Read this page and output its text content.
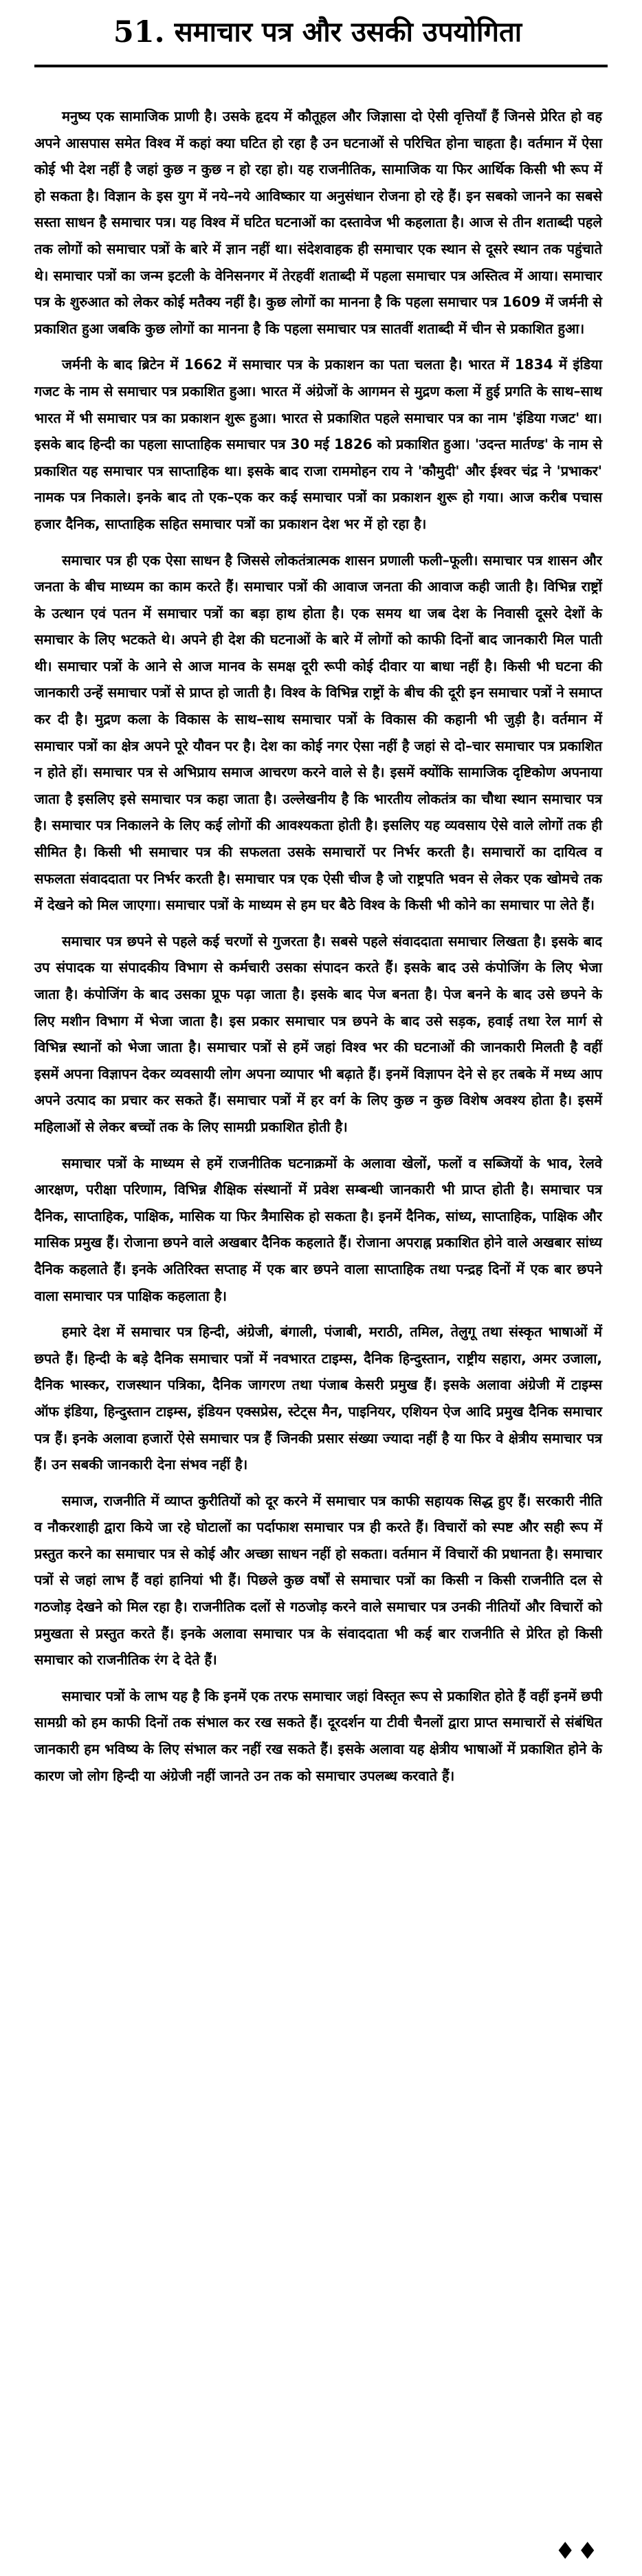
51. समाचार पत्र और उसकी उपयोगिता

मनुष्य एक सामाजिक प्राणी है। उसके हृदय में कौतूहल और जिज्ञासा दो ऐसी वृत्तियाँ हैं जिनसे प्रेरित हो वह अपने आसपास समेत विश्व में कहां क्या घटित हो रहा है उन घटनाओं से परिचित होना चाहता है। वर्तमान में ऐसा कोई भी देश नहीं है जहां कुछ न कुछ न हो रहा हो। यह राजनीतिक, सामाजिक या फिर आर्थिक किसी भी रूप में हो सकता है। विज्ञान के इस युग में नये–नये आविष्कार या अनुसंधान रोजना हो रहे हैं। इन सबको जानने का सबसे सस्ता साधन है समाचार पत्र। यह विश्व में घटित घटनाओं का दस्तावेज भी कहलाता है। आज से तीन शताब्दी पहले तक लोगों को समाचार पत्रों के बारे में ज्ञान नहीं था। संदेशवाहक ही समाचार एक स्थान से दूसरे स्थान तक पहुंचाते थे। समाचार पत्रों का जन्म इटली के वेनिसनगर में तेरहवीं शताब्दी में पहला समाचार पत्र अस्तित्व में आया। समाचार पत्र के शुरुआत को लेकर कोई मतैक्य नहीं है। कुछ लोगों का मानना है कि पहला समाचार पत्र 1609 में जर्मनी से प्रकाशित हुआ जबकि कुछ लोगों का मानना है कि पहला समाचार पत्र सातवीं शताब्दी में चीन से प्रकाशित हुआ।

जर्मनी के बाद ब्रिटेन में 1662 में समाचार पत्र के प्रकाशन का पता चलता है। भारत में 1834 में इंडिया गजट के नाम से समाचार पत्र प्रकाशित हुआ। भारत में अंग्रेजों के आगमन से मुद्रण कला में हुई प्रगति के साथ–साथ भारत में भी समाचार पत्र का प्रकाशन शुरू हुआ। भारत से प्रकाशित पहले समाचार पत्र का नाम 'इंडिया गजट' था। इसके बाद हिन्दी का पहला साप्ताहिक समाचार पत्र 30 मई 1826 को प्रकाशित हुआ। 'उदन्त मार्तण्ड' के नाम से प्रकाशित यह समाचार पत्र साप्ताहिक था। इसके बाद राजा राममोहन राय ने 'कौमुदी' और ईश्वर चंद्र ने 'प्रभाकर' नामक पत्र निकाले। इनके बाद तो एक–एक कर कई समाचार पत्रों का प्रकाशन शुरू हो गया। आज करीब पचास हजार दैनिक, साप्ताहिक सहित समाचार पत्रों का प्रकाशन देश भर में हो रहा है।

समाचार पत्र ही एक ऐसा साधन है जिससे लोकतंत्रात्मक शासन प्रणाली फली–फूली। समाचार पत्र शासन और जनता के बीच माध्यम का काम करते हैं। समाचार पत्रों की आवाज जनता की आवाज कही जाती है। विभिन्न राष्ट्रों के उत्थान एवं पतन में समाचार पत्रों का बड़ा हाथ होता है। एक समय था जब देश के निवासी दूसरे देशों के समाचार के लिए भटकते थे। अपने ही देश की घटनाओं के बारे में लोगों को काफी दिनों बाद जानकारी मिल पाती थी। समाचार पत्रों के आने से आज मानव के समक्ष दूरी रूपी कोई दीवार या बाधा नहीं है। किसी भी घटना की जानकारी उन्हें समाचार पत्रों से प्राप्त हो जाती है। विश्व के विभिन्न राष्ट्रों के बीच की दूरी इन समाचार पत्रों ने समाप्त कर दी है। मुद्रण कला के विकास के साथ–साथ समाचार पत्रों के विकास की कहानी भी जुड़ी है। वर्तमान में समाचार पत्रों का क्षेत्र अपने पूरे यौवन पर है। देश का कोई नगर ऐसा नहीं है जहां से दो–चार समाचार पत्र प्रकाशित न होते हों। समाचार पत्र से अभिप्राय समाज आचरण करने वाले से है। इसमें क्योंकि सामाजिक दृष्टिकोण अपनाया जाता है इसलिए इसे समाचार पत्र कहा जाता है। उल्लेखनीय है कि भारतीय लोकतंत्र का चौथा स्थान समाचार पत्र है। समाचार पत्र निकालने के लिए कई लोगों की आवश्यकता होती है। इसलिए यह व्यवसाय ऐसे वाले लोगों तक ही सीमित है। किसी भी समाचार पत्र की सफलता उसके समाचारों पर निर्भर करती है। समाचारों का दायित्व व सफलता संवाददाता पर निर्भर करती है। समाचार पत्र एक ऐसी चीज है जो राष्ट्रपति भवन से लेकर एक खोमचे तक में देखने को मिल जाएगा। समाचार पत्रों के माध्यम से हम घर बैठे विश्व के किसी भी कोने का समाचार पा लेते हैं।

समाचार पत्र छपने से पहले कई चरणों से गुजरता है। सबसे पहले संवाददाता समाचार लिखता है। इसके बाद उप संपादक या संपादकीय विभाग से कर्मचारी उसका संपादन करते हैं। इसके बाद उसे कंपोजिंग के लिए भेजा जाता है। कंपोजिंग के बाद उसका प्रूफ पढ़ा जाता है। इसके बाद पेज बनता है। पेज बनने के बाद उसे छपने के लिए मशीन विभाग में भेजा जाता है। इस प्रकार समाचार पत्र छपने के बाद उसे सड़क, हवाई तथा रेल मार्ग से विभिन्न स्थानों को भेजा जाता है। समाचार पत्रों से हमें जहां विश्व भर की घटनाओं की जानकारी मिलती है वहीं इसमें अपना विज्ञापन देकर व्यवसायी लोग अपना व्यापार भी बढ़ाते हैं। इनमें विज्ञापन देने से हर तबके में मध्य आप अपने उत्पाद का प्रचार कर सकते हैं। समाचार पत्रों में हर वर्ग के लिए कुछ न कुछ विशेष अवश्य होता है। इसमें महिलाओं से लेकर बच्चों तक के लिए सामग्री प्रकाशित होती है।

समाचार पत्रों के माध्यम से हमें राजनीतिक घटनाक्रमों के अलावा खेलों, फलों व सब्जियों के भाव, रेलवे आरक्षण, परीक्षा परिणाम, विभिन्न शैक्षिक संस्थानों में प्रवेश सम्बन्धी जानकारी भी प्राप्त होती है। समाचार पत्र दैनिक, साप्ताहिक, पाक्षिक, मासिक या फिर त्रैमासिक हो सकता है। इनमें दैनिक, सांध्य, साप्ताहिक, पाक्षिक और मासिक प्रमुख हैं। रोजाना छपने वाले अखबार दैनिक कहलाते हैं। रोजाना अपराह्न प्रकाशित होने वाले अखबार सांध्य दैनिक कहलाते हैं। इनके अतिरिक्त सप्ताह में एक बार छपने वाला साप्ताहिक तथा पन्द्रह दिनों में एक बार छपने वाला समाचार पत्र पाक्षिक कहलाता है।

हमारे देश में समाचार पत्र हिन्दी, अंग्रेजी, बंगाली, पंजाबी, मराठी, तमिल, तेलुगू तथा संस्कृत भाषाओं में छपते हैं। हिन्दी के बड़े दैनिक समाचार पत्रों में नवभारत टाइम्स, दैनिक हिन्दुस्तान, राष्ट्रीय सहारा, अमर उजाला, दैनिक भास्कर, राजस्थान पत्रिका, दैनिक जागरण तथा पंजाब केसरी प्रमुख हैं। इसके अलावा अंग्रेजी में टाइम्स ऑफ इंडिया, हिन्दुस्तान टाइम्स, इंडियन एक्सप्रेस, स्टेट्स मैन, पाइनियर, एशियन ऐज आदि प्रमुख दैनिक समाचार पत्र हैं। इनके अलावा हजारों ऐसे समाचार पत्र हैं जिनकी प्रसार संख्या ज्यादा नहीं है या फिर वे क्षेत्रीय समाचार पत्र हैं। उन सबकी जानकारी देना संभव नहीं है।

समाज, राजनीति में व्याप्त कुरीतियों को दूर करने में समाचार पत्र काफी सहायक सिद्ध हुए हैं। सरकारी नीति व नौकरशाही द्वारा किये जा रहे घोटालों का पर्दाफाश समाचार पत्र ही करते हैं। विचारों को स्पष्ट और सही रूप में प्रस्तुत करने का समाचार पत्र से कोई और अच्छा साधन नहीं हो सकता। वर्तमान में विचारों की प्रधानता है। समाचार पत्रों से जहां लाभ हैं वहां हानियां भी हैं। पिछले कुछ वर्षों से समाचार पत्रों का किसी न किसी राजनीति दल से गठजोड़ देखने को मिल रहा है। राजनीतिक दलों से गठजोड़ करने वाले समाचार पत्र उनकी नीतियों और विचारों को प्रमुखता से प्रस्तुत करते हैं। इनके अलावा समाचार पत्र के संवाददाता भी कई बार राजनीति से प्रेरित हो किसी समाचार को राजनीतिक रंग दे देते हैं।

समाचार पत्रों के लाभ यह है कि इनमें एक तरफ समाचार जहां विस्तृत रूप से प्रकाशित होते हैं वहीं इनमें छपी सामग्री को हम काफी दिनों तक संभाल कर रख सकते हैं। दूरदर्शन या टीवी चैनलों द्वारा प्राप्त समाचारों से संबंधित जानकारी हम भविष्य के लिए संभाल कर नहीं रख सकते हैं। इसके अलावा यह क्षेत्रीय भाषाओं में प्रकाशित होने के कारण जो लोग हिन्दी या अंग्रेजी नहीं जानते उन तक को समाचार उपलब्ध करवाते हैं।

♦♦
